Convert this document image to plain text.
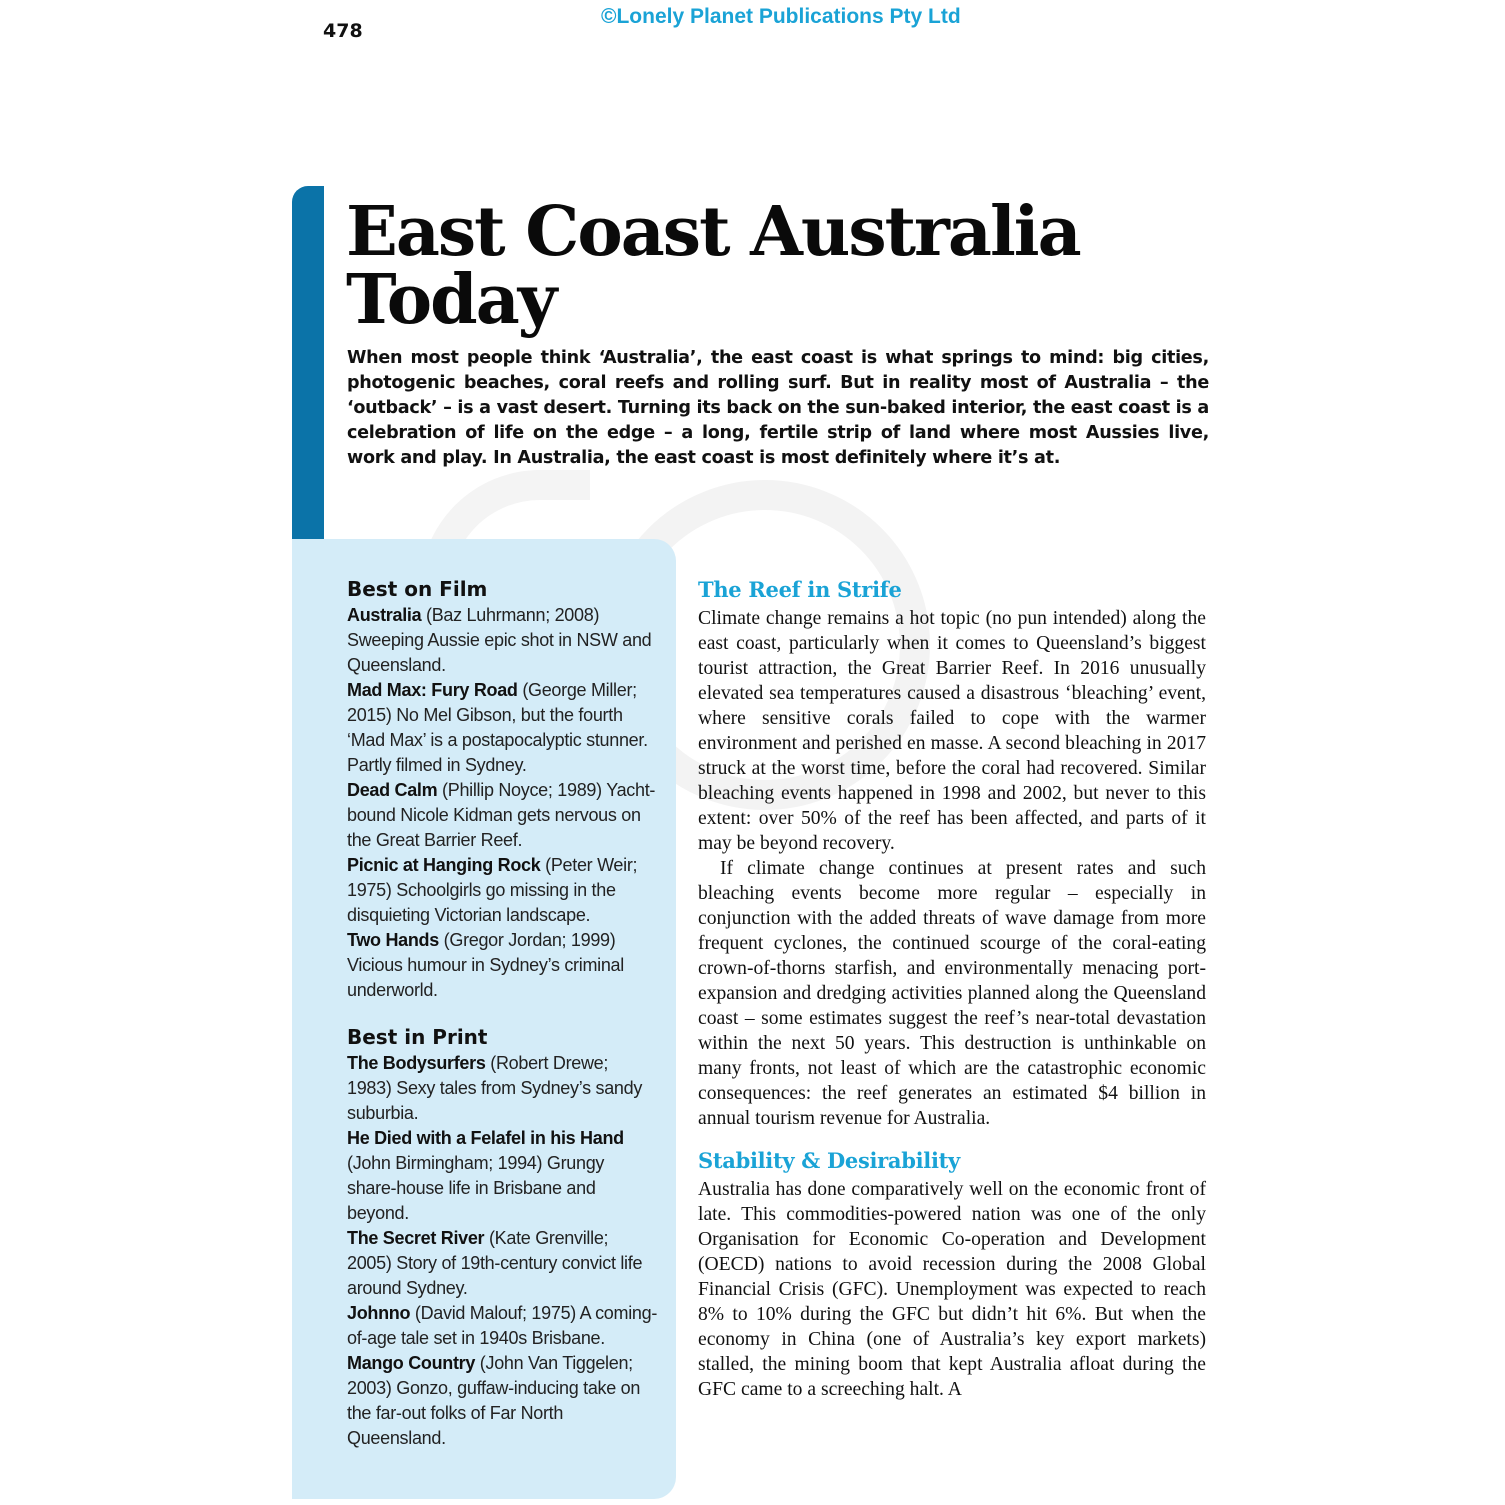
478
©Lonely Planet Publications Pty Ltd
East Coast Australia Today

When most people think ‘Australia’, the east coast is what springs to mind: big cities, photogenic beaches, coral reefs and rolling surf. But in reality most of Australia – the ‘outback’ – is a vast desert. Turning its back on the sun-baked interior, the east coast is a celebration of life on the edge – a long, fertile strip of land where most Aussies live, work and play. In Australia, the east coast is most definitely where it’s at.

Best on Film
Australia (Baz Luhrmann; 2008) Sweeping Aussie epic shot in NSW and Queensland.
Mad Max: Fury Road (George Miller; 2015) No Mel Gibson, but the fourth ‘Mad Max’ is a postapocalyptic stunner. Partly filmed in Sydney.
Dead Calm (Phillip Noyce; 1989) Yacht-bound Nicole Kidman gets nervous on the Great Barrier Reef.
Picnic at Hanging Rock (Peter Weir; 1975) Schoolgirls go missing in the disquieting Victorian landscape.
Two Hands (Gregor Jordan; 1999) Vicious humour in Sydney’s criminal underworld.
Best in Print
The Bodysurfers (Robert Drewe; 1983) Sexy tales from Sydney’s sandy suburbia.
He Died with a Felafel in his Hand (John Birmingham; 1994) Grungy share-house life in Brisbane and beyond.
The Secret River (Kate Grenville; 2005) Story of 19th-century convict life around Sydney.
Johnno (David Malouf; 1975) A coming-of-age tale set in 1940s Brisbane.
Mango Country (John Van Tiggelen; 2003) Gonzo, guffaw-inducing take on the far-out folks of Far North Queensland.
The Reef in Strife

Climate change remains a hot topic (no pun intended) along the east coast, particularly when it comes to Queensland’s biggest tourist attraction, the Great Barrier Reef. In 2016 unusually elevated sea temperatures caused a disastrous ‘bleaching’ event, where sensitive corals failed to cope with the warmer environment and perished en masse. A second bleaching in 2017 struck at the worst time, before the coral had recovered. Similar bleaching events happened in 1998 and 2002, but never to this extent: over 50% of the reef has been affected, and parts of it may be beyond recovery.

If climate change continues at present rates and such bleaching events become more regular – especially in conjunction with the added threats of wave damage from more frequent cyclones, the continued scourge of the coral-eating crown-of-thorns starfish, and environmentally menacing port-expansion and dredging activities planned along the Queensland coast – some estimates suggest the reef’s near-total devastation within the next 50 years. This destruction is unthinkable on many fronts, not least of which are the catastrophic economic consequences: the reef generates an estimated $4 billion in annual tourism revenue for Australia.

Stability & Desirability

Australia has done comparatively well on the economic front of late. This commodities-powered nation was one of the only Organisation for Economic Co-operation and Development (OECD) nations to avoid recession during the 2008 Global Financial Crisis (GFC). Unemployment was expected to reach 8% to 10% during the GFC but didn’t hit 6%. But when the economy in China (one of Australia’s key export markets) stalled, the mining boom that kept Australia afloat during the GFC came to a screeching halt. A
